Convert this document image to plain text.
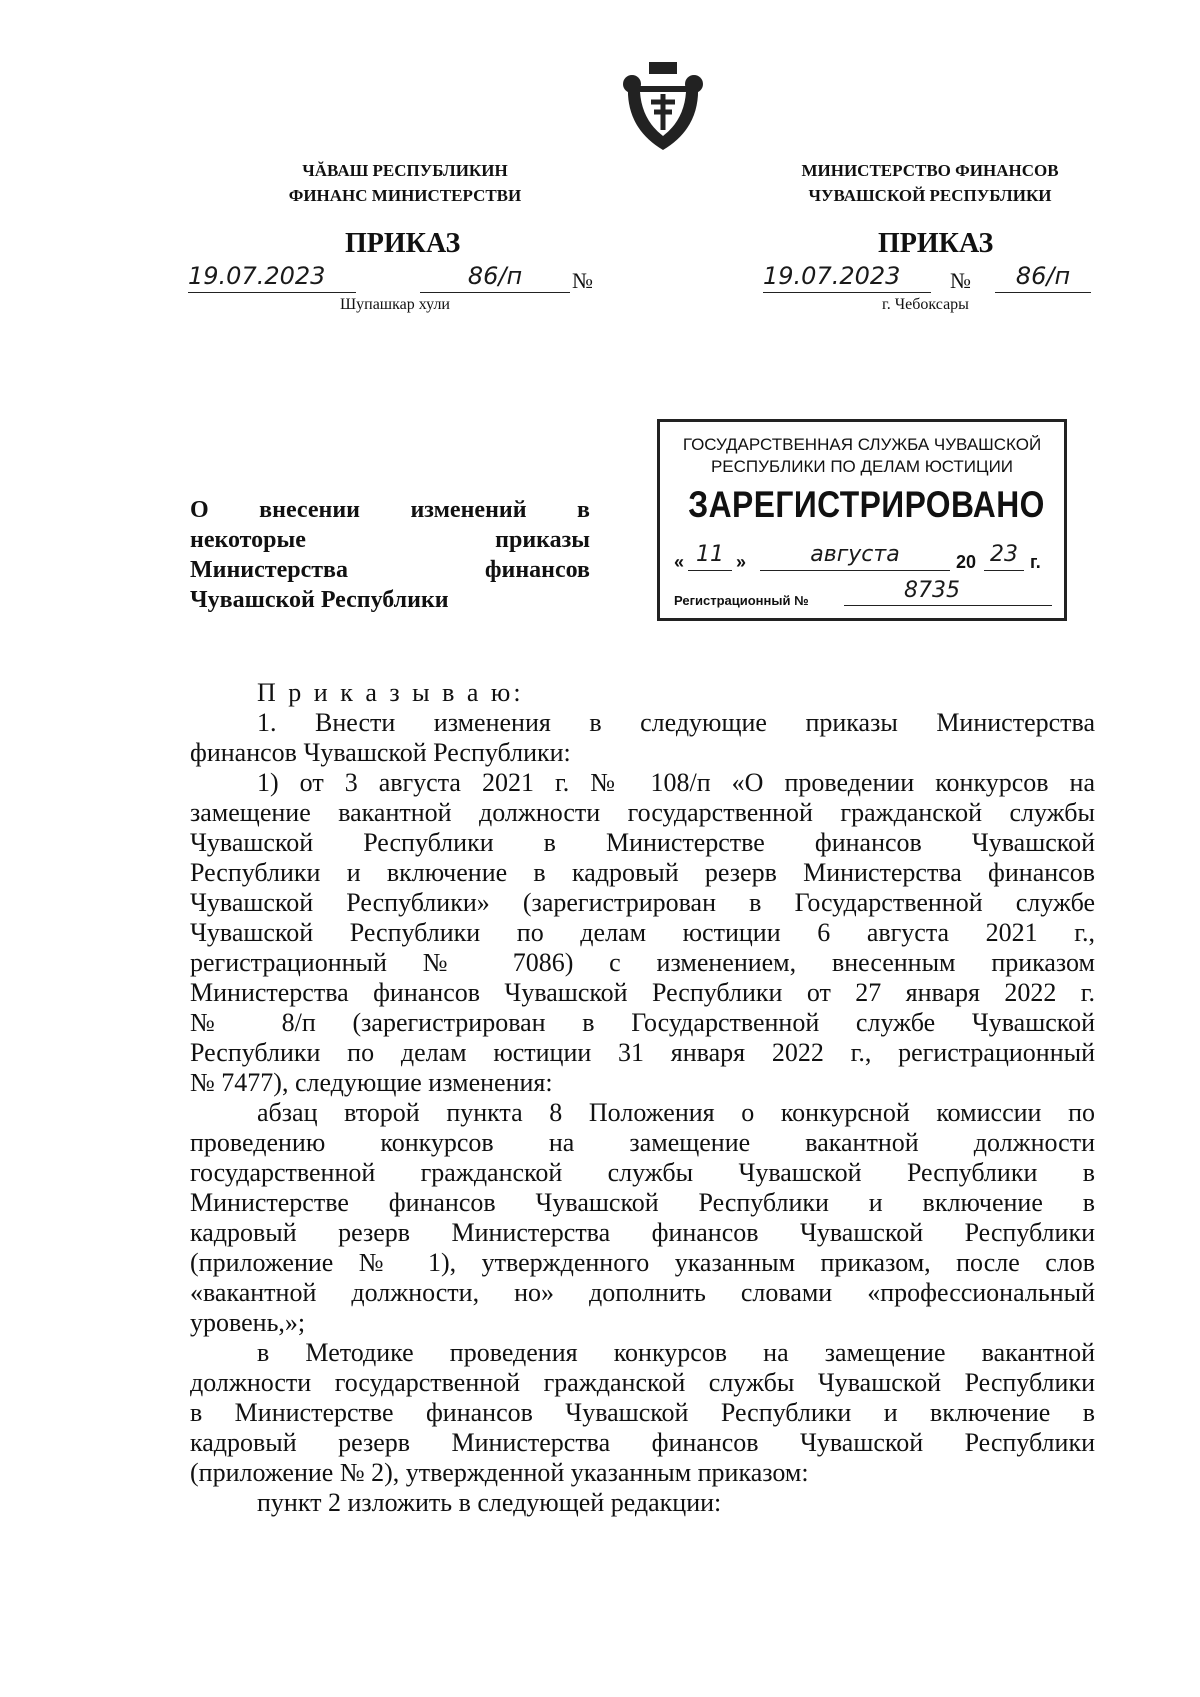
ЧĂВАШ РЕСПУБЛИКИН
ФИНАНС МИНИСТЕРСТВИ
ПРИКАЗ
19.07.2023	86/п	№
Шупашкар хули
МИНИСТЕРСТВО ФИНАНСОВ
ЧУВАШСКОЙ РЕСПУБЛИКИ
ПРИКАЗ
19.07.2023	№	86/п
г. Чебоксары
ГОСУДАРСТВЕННАЯ СЛУЖБА ЧУВАШСКОЙ
РЕСПУБЛИКИ ПО ДЕЛАМ ЮСТИЦИИ
ЗАРЕГИСТРИРОВАНО
« 11 »	августа	20 23 г.
Регистрационный №	8735
О внесении изменений в
некоторые приказы
Министерства финансов
Чувашской Республики
П р и к а з ы в а ю:
1. Внести изменения в следующие приказы Министерства
финансов Чувашской Республики:
1) от 3 августа 2021 г. № 108/п «О проведении конкурсов на
замещение вакантной должности государственной гражданской службы
Чувашской Республики в Министерстве финансов Чувашской
Республики и включение в кадровый резерв Министерства финансов
Чувашской Республики» (зарегистрирован в Государственной службе
Чувашской Республики по делам юстиции 6 августа 2021 г.,
регистрационный № 7086) с изменением, внесенным приказом
Министерства финансов Чувашской Республики от 27 января 2022 г.
№ 8/п (зарегистрирован в Государственной службе Чувашской
Республики по делам юстиции 31 января 2022 г., регистрационный
№ 7477), следующие изменения:
абзац второй пункта 8 Положения о конкурсной комиссии по
проведению конкурсов на замещение вакантной должности
государственной гражданской службы Чувашской Республики в
Министерстве финансов Чувашской Республики и включение в
кадровый резерв Министерства финансов Чувашской Республики
(приложение № 1), утвержденного указанным приказом, после слов
«вакантной должности, но» дополнить словами «профессиональный
уровень,»;
в Методике проведения конкурсов на замещение вакантной
должности государственной гражданской службы Чувашской Республики
в Министерстве финансов Чувашской Республики и включение в
кадровый резерв Министерства финансов Чувашской Республики
(приложение № 2), утвержденной указанным приказом:
пункт 2 изложить в следующей редакции:
